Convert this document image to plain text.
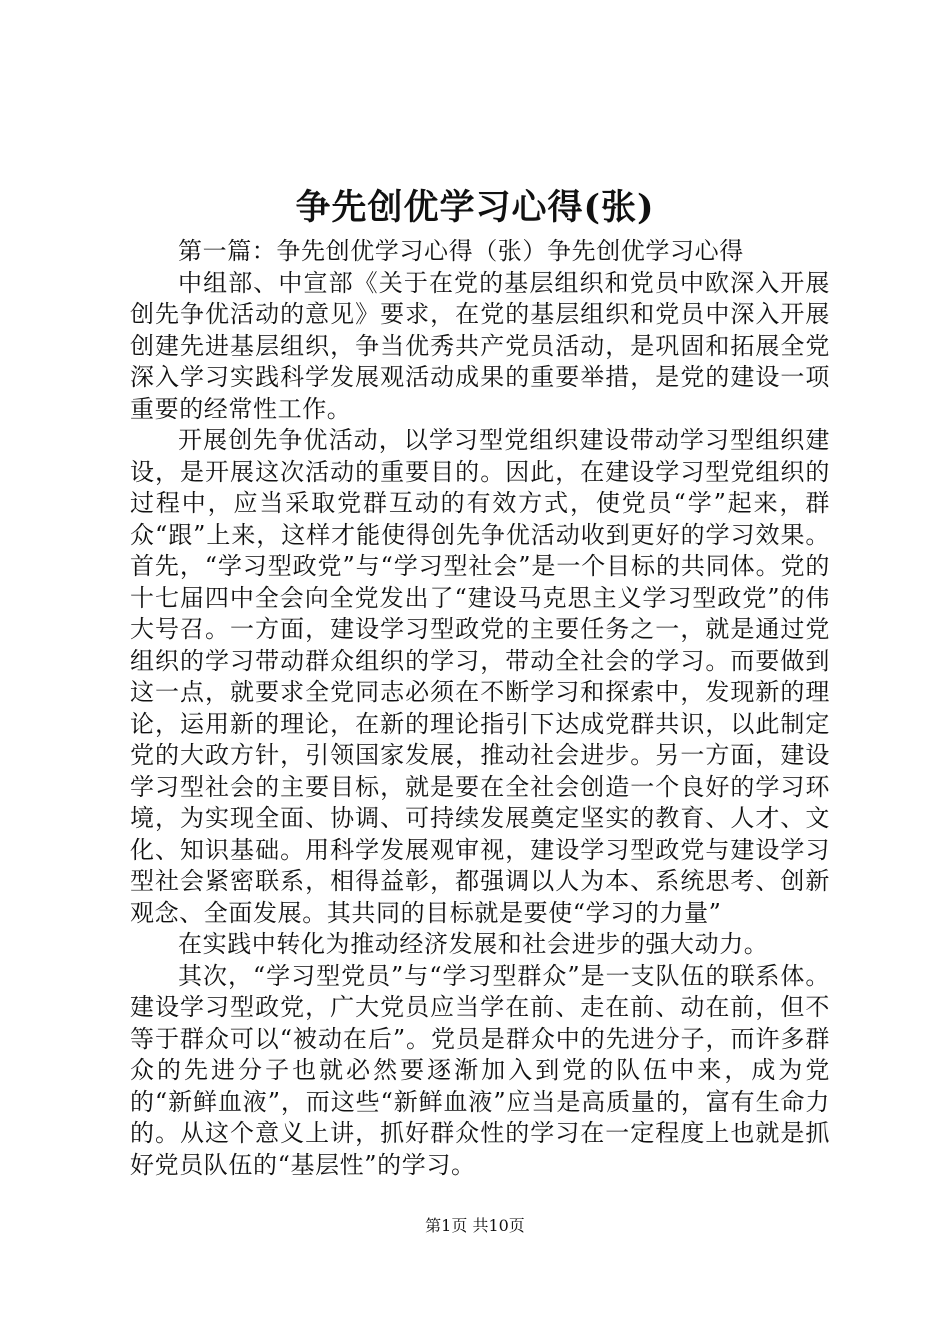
争先创优学习心得(张)

第一篇：争先创优学习心得（张）争先创优学习心得

中组部、中宣部《关于在党的基层组织和党员中欧深入开展创先争优活动的意见》要求，在党的基层组织和党员中深入开展创建先进基层组织，争当优秀共产党员活动，是巩固和拓展全党深入学习实践科学发展观活动成果的重要举措，是党的建设一项重要的经常性工作。

开展创先争优活动，以学习型党组织建设带动学习型组织建设，是开展这次活动的重要目的。因此，在建设学习型党组织的过程中，应当采取党群互动的有效方式，使党员“学”起来，群众“跟”上来，这样才能使得创先争优活动收到更好的学习效果。首先，“学习型政党”与“学习型社会”是一个目标的共同体。党的十七届四中全会向全党发出了“建设马克思主义学习型政党”的伟大号召。一方面，建设学习型政党的主要任务之一，就是通过党组织的学习带动群众组织的学习，带动全社会的学习。而要做到这一点，就要求全党同志必须在不断学习和探索中，发现新的理论，运用新的理论，在新的理论指引下达成党群共识，以此制定党的大政方针，引领国家发展，推动社会进步。另一方面，建设学习型社会的主要目标，就是要在全社会创造一个良好的学习环境，为实现全面、协调、可持续发展奠定坚实的教育、人才、文化、知识基础。用科学发展观审视，建设学习型政党与建设学习型社会紧密联系，相得益彰，都强调以人为本、系统思考、创新观念、全面发展。其共同的目标就是要使“学习的力量”

在实践中转化为推动经济发展和社会进步的强大动力。

其次，“学习型党员”与“学习型群众”是一支队伍的联系体。建设学习型政党，广大党员应当学在前、走在前、动在前，但不等于群众可以“被动在后”。党员是群众中的先进分子，而许多群众的先进分子也就必然要逐渐加入到党的队伍中来，成为党的“新鲜血液”，而这些“新鲜血液”应当是高质量的，富有生命力的。从这个意义上讲，抓好群众性的学习在一定程度上也就是抓好党员队伍的“基层性”的学习。

第1页 共10页
